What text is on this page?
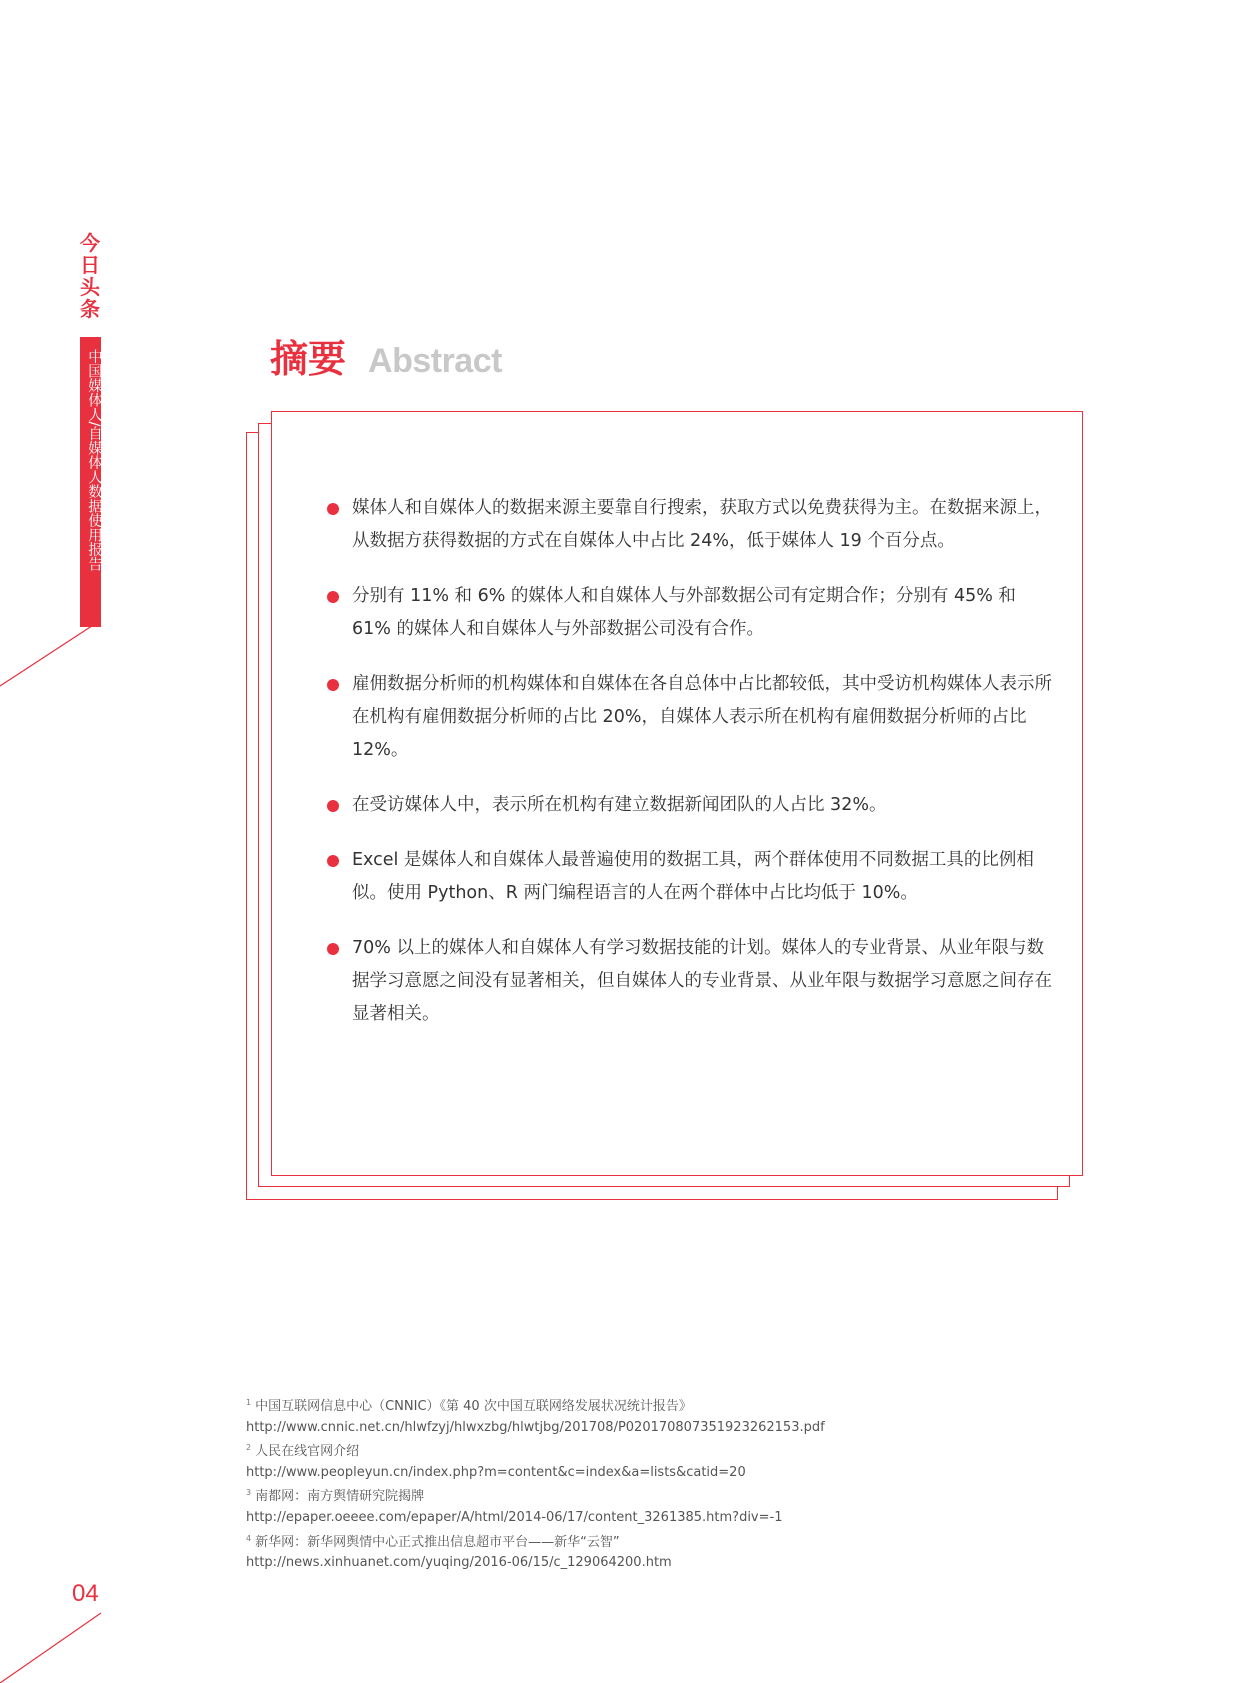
今日头条
中国媒体人/自媒体人数据使用报告	摘要 Abstract
媒体人和自媒体人的数据来源主要靠自行搜索，获取方式以免费获得为主。在数据来源上，从数据方获得数据的方式在自媒体人中占比 24%，低于媒体人 19 个百分点。
分别有 11% 和 6% 的媒体人和自媒体人与外部数据公司有定期合作；分别有 45% 和 61% 的媒体人和自媒体人与外部数据公司没有合作。
雇佣数据分析师的机构媒体和自媒体在各自总体中占比都较低，其中受访机构媒体人表示所在机构有雇佣数据分析师的占比 20%，自媒体人表示所在机构有雇佣数据分析师的占比 12%。
在受访媒体人中，表示所在机构有建立数据新闻团队的人占比 32%。
Excel 是媒体人和自媒体人最普遍使用的数据工具，两个群体使用不同数据工具的比例相似。使用 Python、R 两门编程语言的人在两个群体中占比均低于 10%。
70% 以上的媒体人和自媒体人有学习数据技能的计划。媒体人的专业背景、从业年限与数据学习意愿之间没有显著相关，但自媒体人的专业背景、从业年限与数据学习意愿之间存在显著相关。
$^1$ 中国互联网信息中心（CNNIC）《第 40 次中国互联网络发展状况统计报告》
http://www.cnnic.net.cn/hlwfzyj/hlwxzbg/hlwtjbg/201708/P020170807351923262153.pdf
$^2$ 人民在线官网介绍
http://www.peopleyun.cn/index.php?m=content&c=index&a=lists&catid=20
$^3$ 南都网：南方舆情研究院揭牌
http://epaper.oeeee.com/epaper/A/html/2014-06/17/content_3261385.htm?div=-1
$^4$ 新华网：新华网舆情中心正式推出信息超市平台——新华“云智”
http://news.xinhuanet.com/yuqing/2016-06/15/c_129064200.htm
04
